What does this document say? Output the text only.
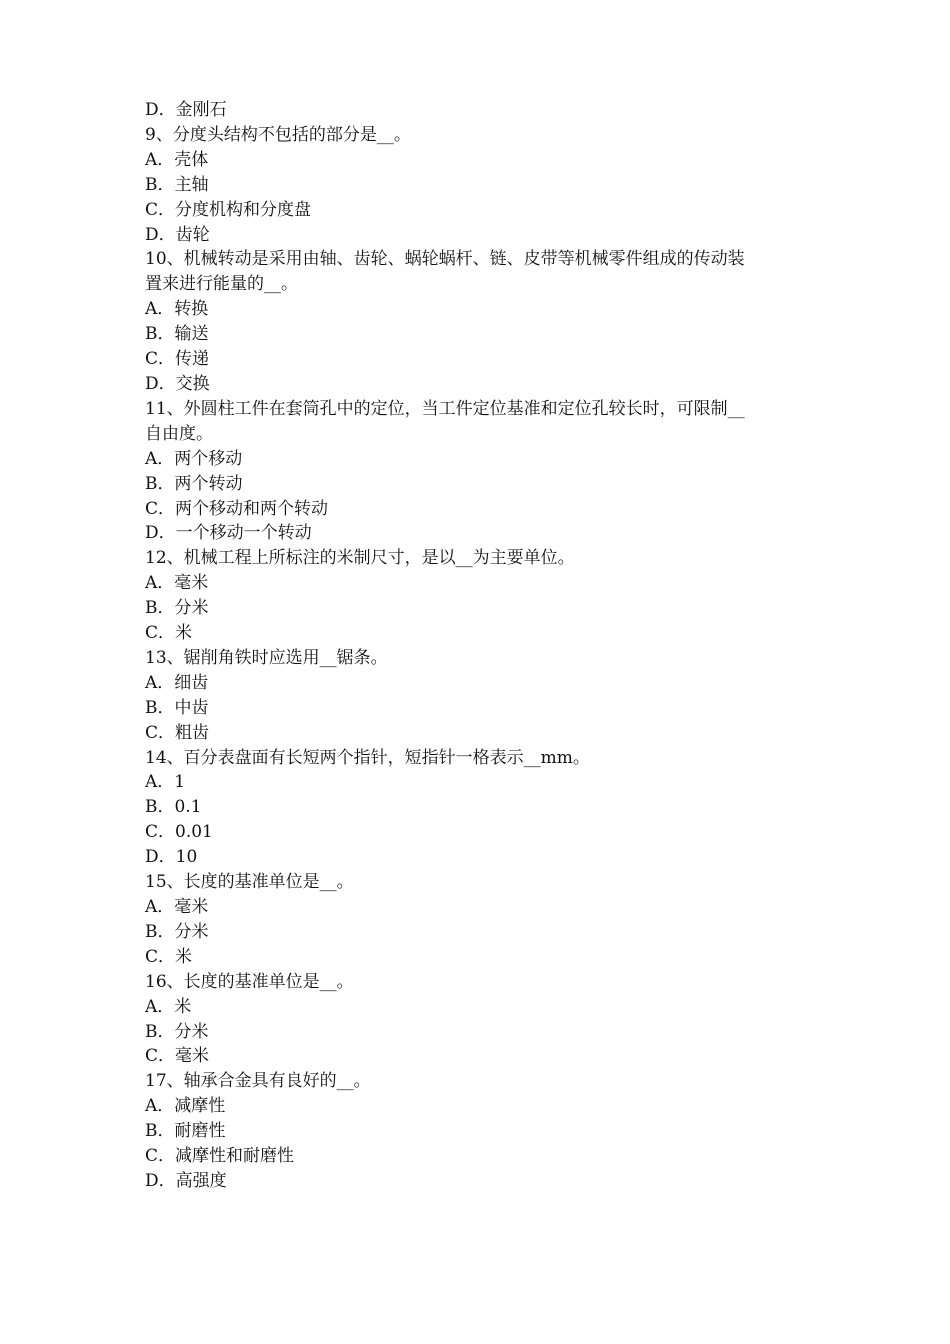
D．金刚石

9、分度头结构不包括的部分是__。

A．壳体

B．主轴

C．分度机构和分度盘

D．齿轮

10、机械转动是采用由轴、齿轮、蜗轮蜗杆、链、皮带等机械零件组成的传动装

置来进行能量的__。

A．转换

B．输送

C．传递

D．交换

11、外圆柱工件在套筒孔中的定位，当工件定位基准和定位孔较长时，可限制__

自由度。

A．两个移动

B．两个转动

C．两个移动和两个转动

D．一个移动一个转动

12、机械工程上所标注的米制尺寸，是以__为主要单位。

A．毫米

B．分米

C．米

13、锯削角铁时应选用__锯条。

A．细齿

B．中齿

C．粗齿

14、百分表盘面有长短两个指针，短指针一格表示__mm。

A．1

B．0.1

C．0.01

D．10

15、长度的基准单位是__。

A．毫米

B．分米

C．米

16、长度的基准单位是__。

A．米

B．分米

C．毫米

17、轴承合金具有良好的__。

A．减摩性

B．耐磨性

C．减摩性和耐磨性

D．高强度
